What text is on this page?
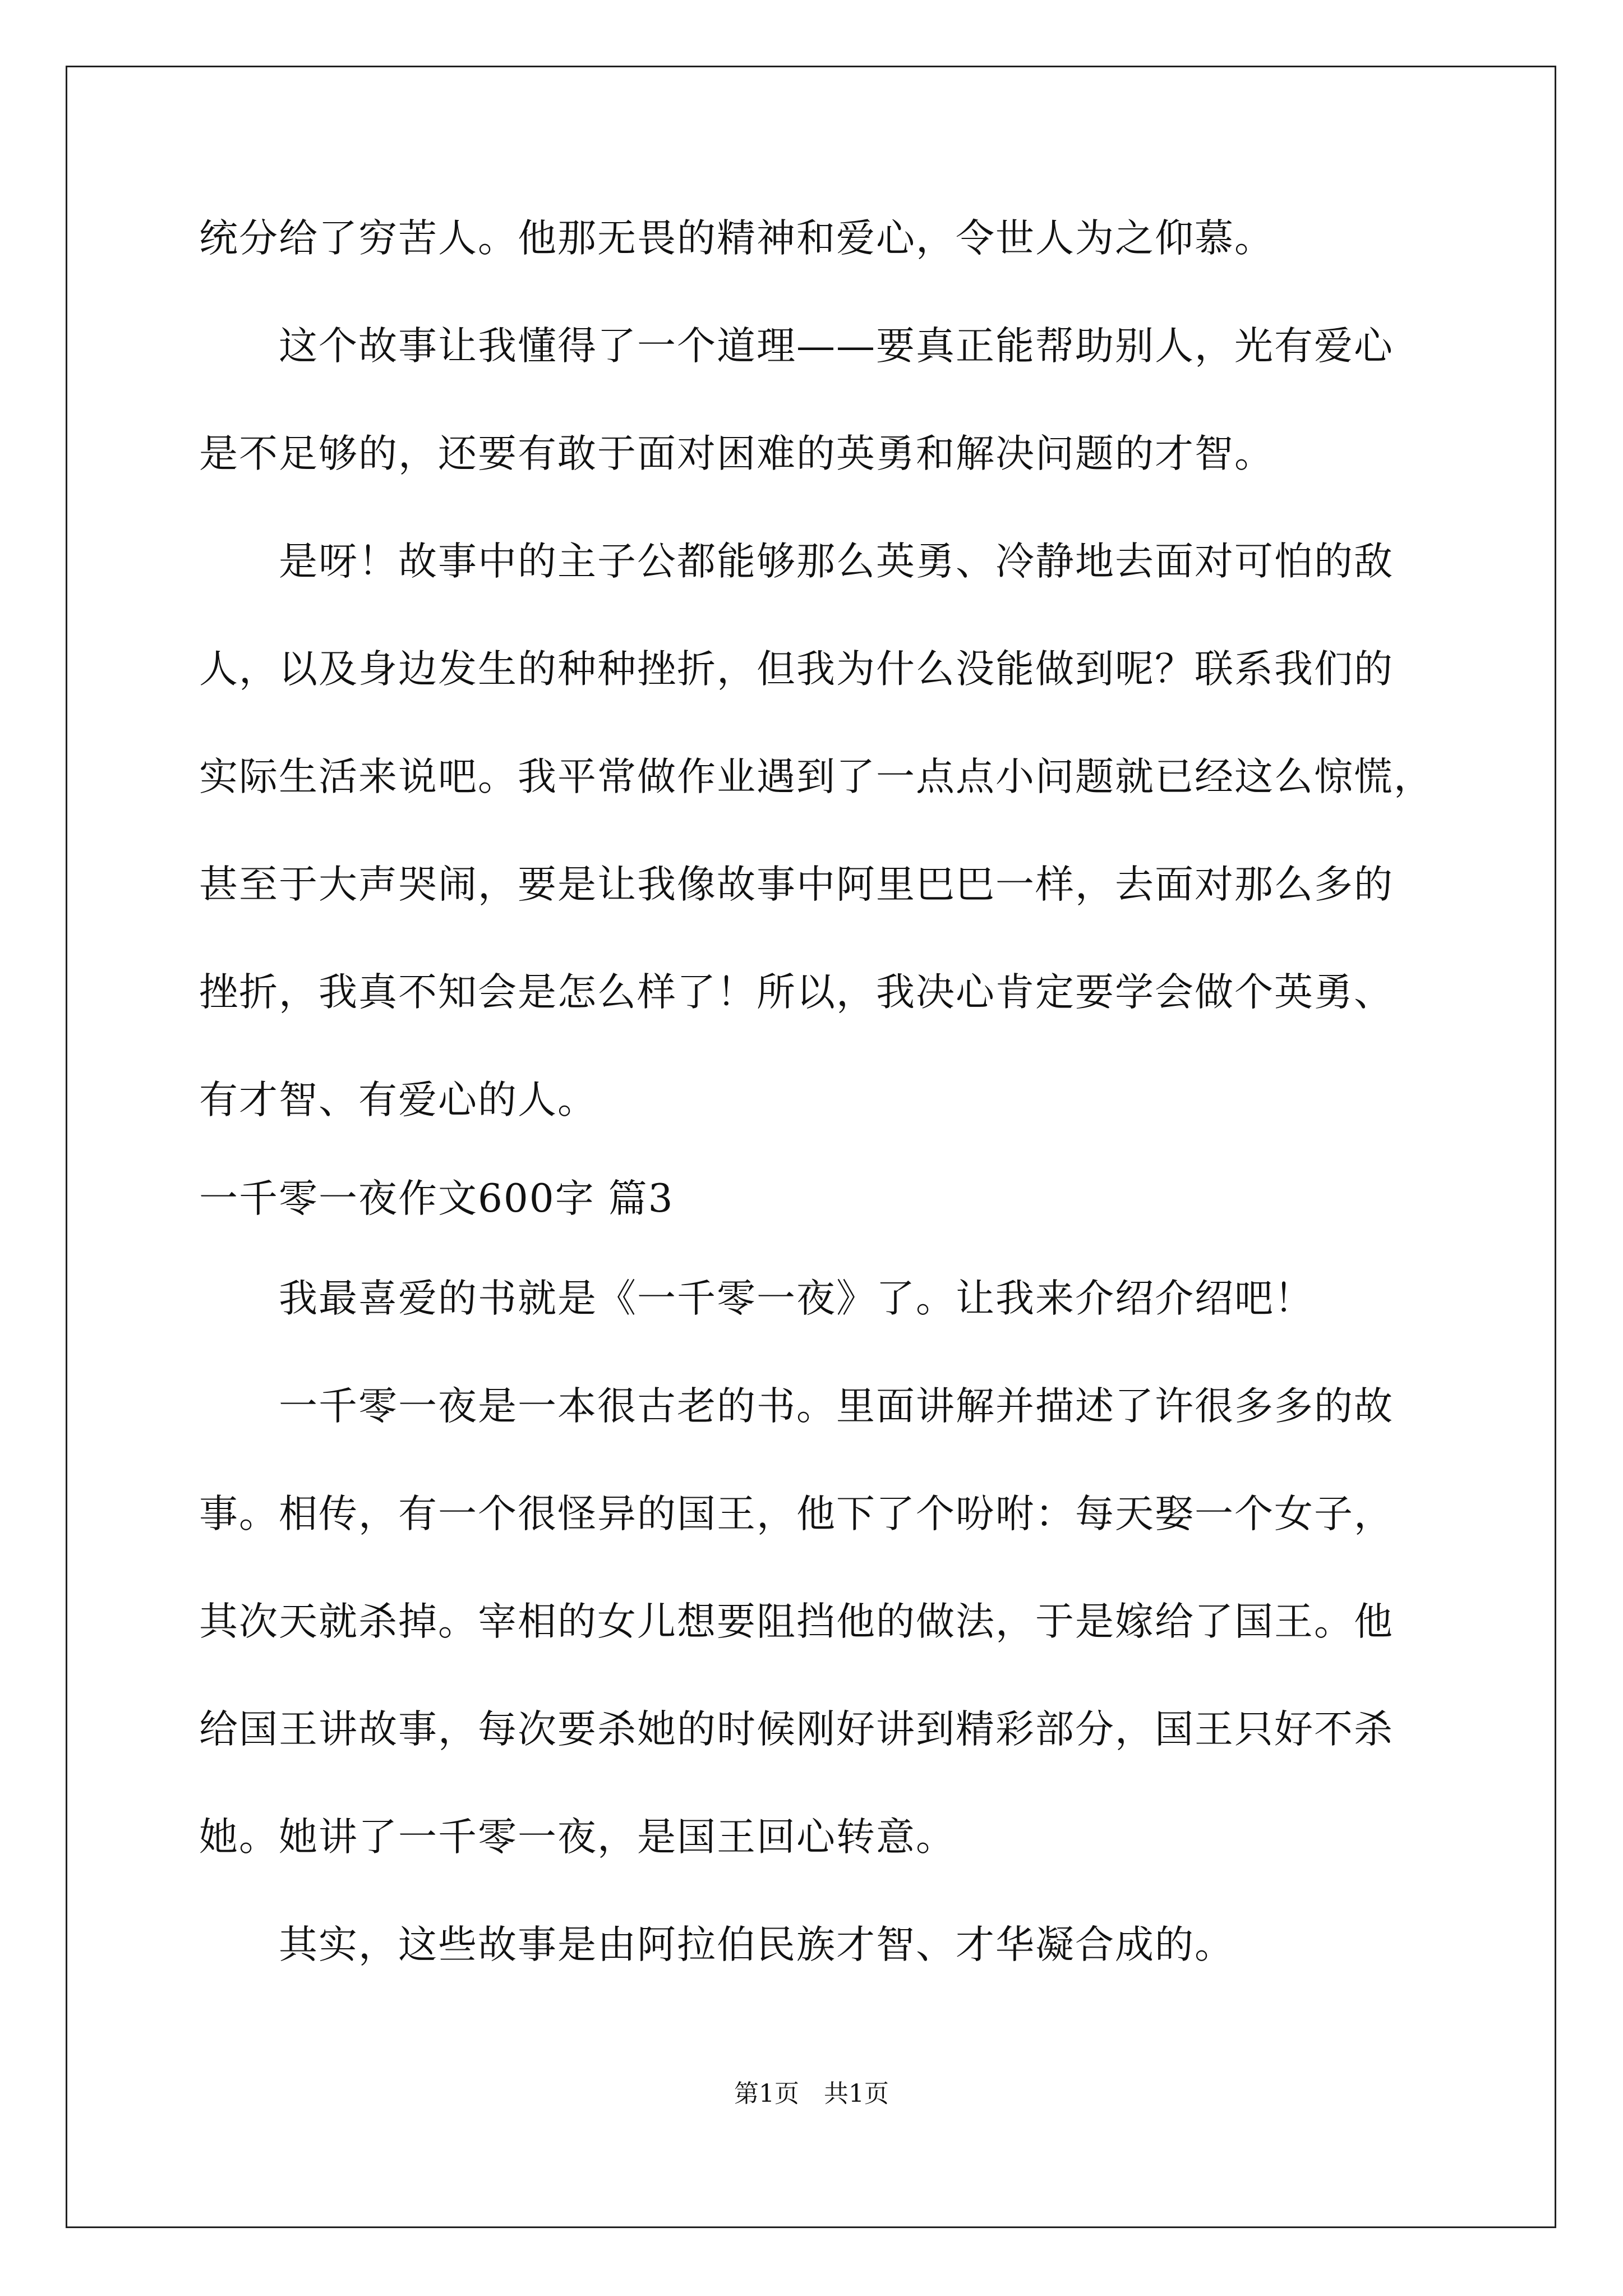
统分给了穷苦人。他那无畏的精神和爱心，令世人为之仰慕。
这个故事让我懂得了一个道理——要真正能帮助别人，光有爱心
是不足够的，还要有敢于面对困难的英勇和解决问题的才智。
是呀！故事中的主子公都能够那么英勇、冷静地去面对可怕的敌
人，以及身边发生的种种挫折，但我为什么没能做到呢？联系我们的
实际生活来说吧。我平常做作业遇到了一点点小问题就已经这么惊慌，
甚至于大声哭闹，要是让我像故事中阿里巴巴一样，去面对那么多的
挫折，我真不知会是怎么样了！所以，我决心肯定要学会做个英勇、
有才智、有爱心的人。
一千零一夜作文600字 篇3
我最喜爱的书就是《一千零一夜》了。让我来介绍介绍吧！
一千零一夜是一本很古老的书。里面讲解并描述了许很多多的故
事。相传，有一个很怪异的国王，他下了个吩咐：每天娶一个女子，
其次天就杀掉。宰相的女儿想要阻挡他的做法，于是嫁给了国王。他
给国王讲故事，每次要杀她的时候刚好讲到精彩部分，国王只好不杀
她。她讲了一千零一夜，是国王回心转意。
其实，这些故事是由阿拉伯民族才智、才华凝合成的。
第1页 共1页
